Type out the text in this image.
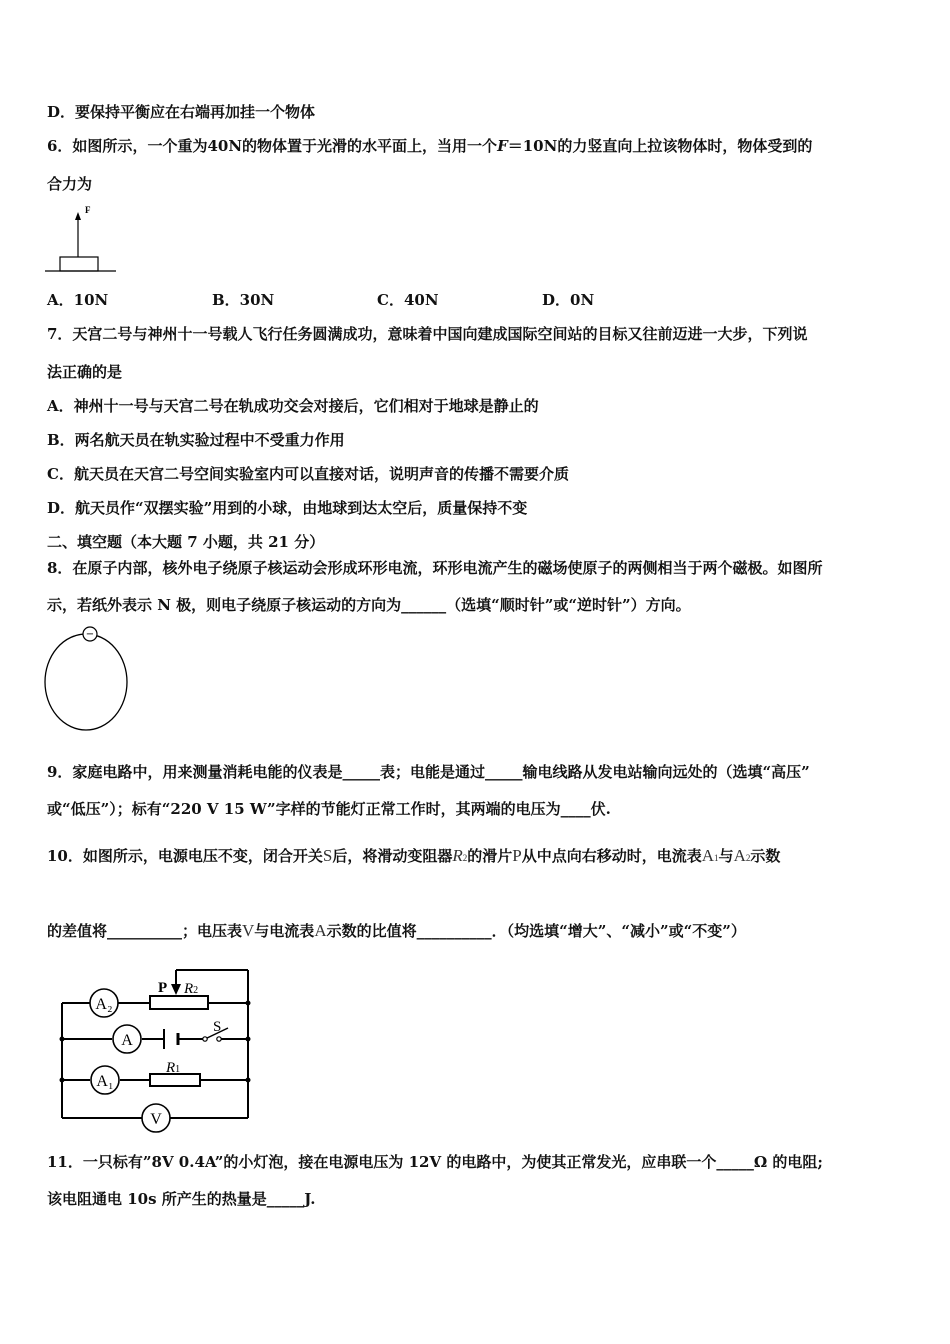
D．要保持平衡应在右端再加挂一个物体
6．如图所示，一个重为40N的物体置于光滑的水平面上，当用一个F＝10N的力竖直向上拉该物体时，物体受到的
合力为
F
A．10N	B．30N	C．40N	D．0N
7．天宫二号与神州十一号载人飞行任务圆满成功，意味着中国向建成国际空间站的目标又往前迈进一大步，下列说
法正确的是
A．神州十一号与天宫二号在轨成功交会对接后，它们相对于地球是静止的
B．两名航天员在轨实验过程中不受重力作用
C．航天员在天宫二号空间实验室内可以直接对话，说明声音的传播不需要介质
D．航天员作“双摆实验”用到的小球，由地球到达太空后，质量保持不变
二、填空题（本大题 7 小题，共 21 分）
8．在原子内部，核外电子绕原子核运动会形成环形电流，环形电流产生的磁场使原子的两侧相当于两个磁极。如图所
示，若纸外表示 N 极，则电子绕原子核运动的方向为______（选填“顺时针”或“逆时针”）方向。
−
9．家庭电路中，用来测量消耗电能的仪表是_____表；电能是通过_____输电线路从发电站输向远处的（选填“高压”
或“低压”）；标有“220 V 15 W”字样的节能灯正常工作时，其两端的电压为____伏.
10．如图所示，电源电压不变，闭合开关S后，将滑动变阻器R2的滑片P从中点向右移动时，电流表A1与A2示数
的差值将__________；电压表V与电流表A示数的比值将__________．（均选填“增大”、“减小”或“不变”）
A₂
A
A₁
V
P R2
S
R1
11．一只标有”8V 0.4A”的小灯泡，接在电源电压为 12V 的电路中，为使其正常发光，应串联一个_____Ω 的电阻;
该电阻通电 10s 所产生的热量是_____J.
